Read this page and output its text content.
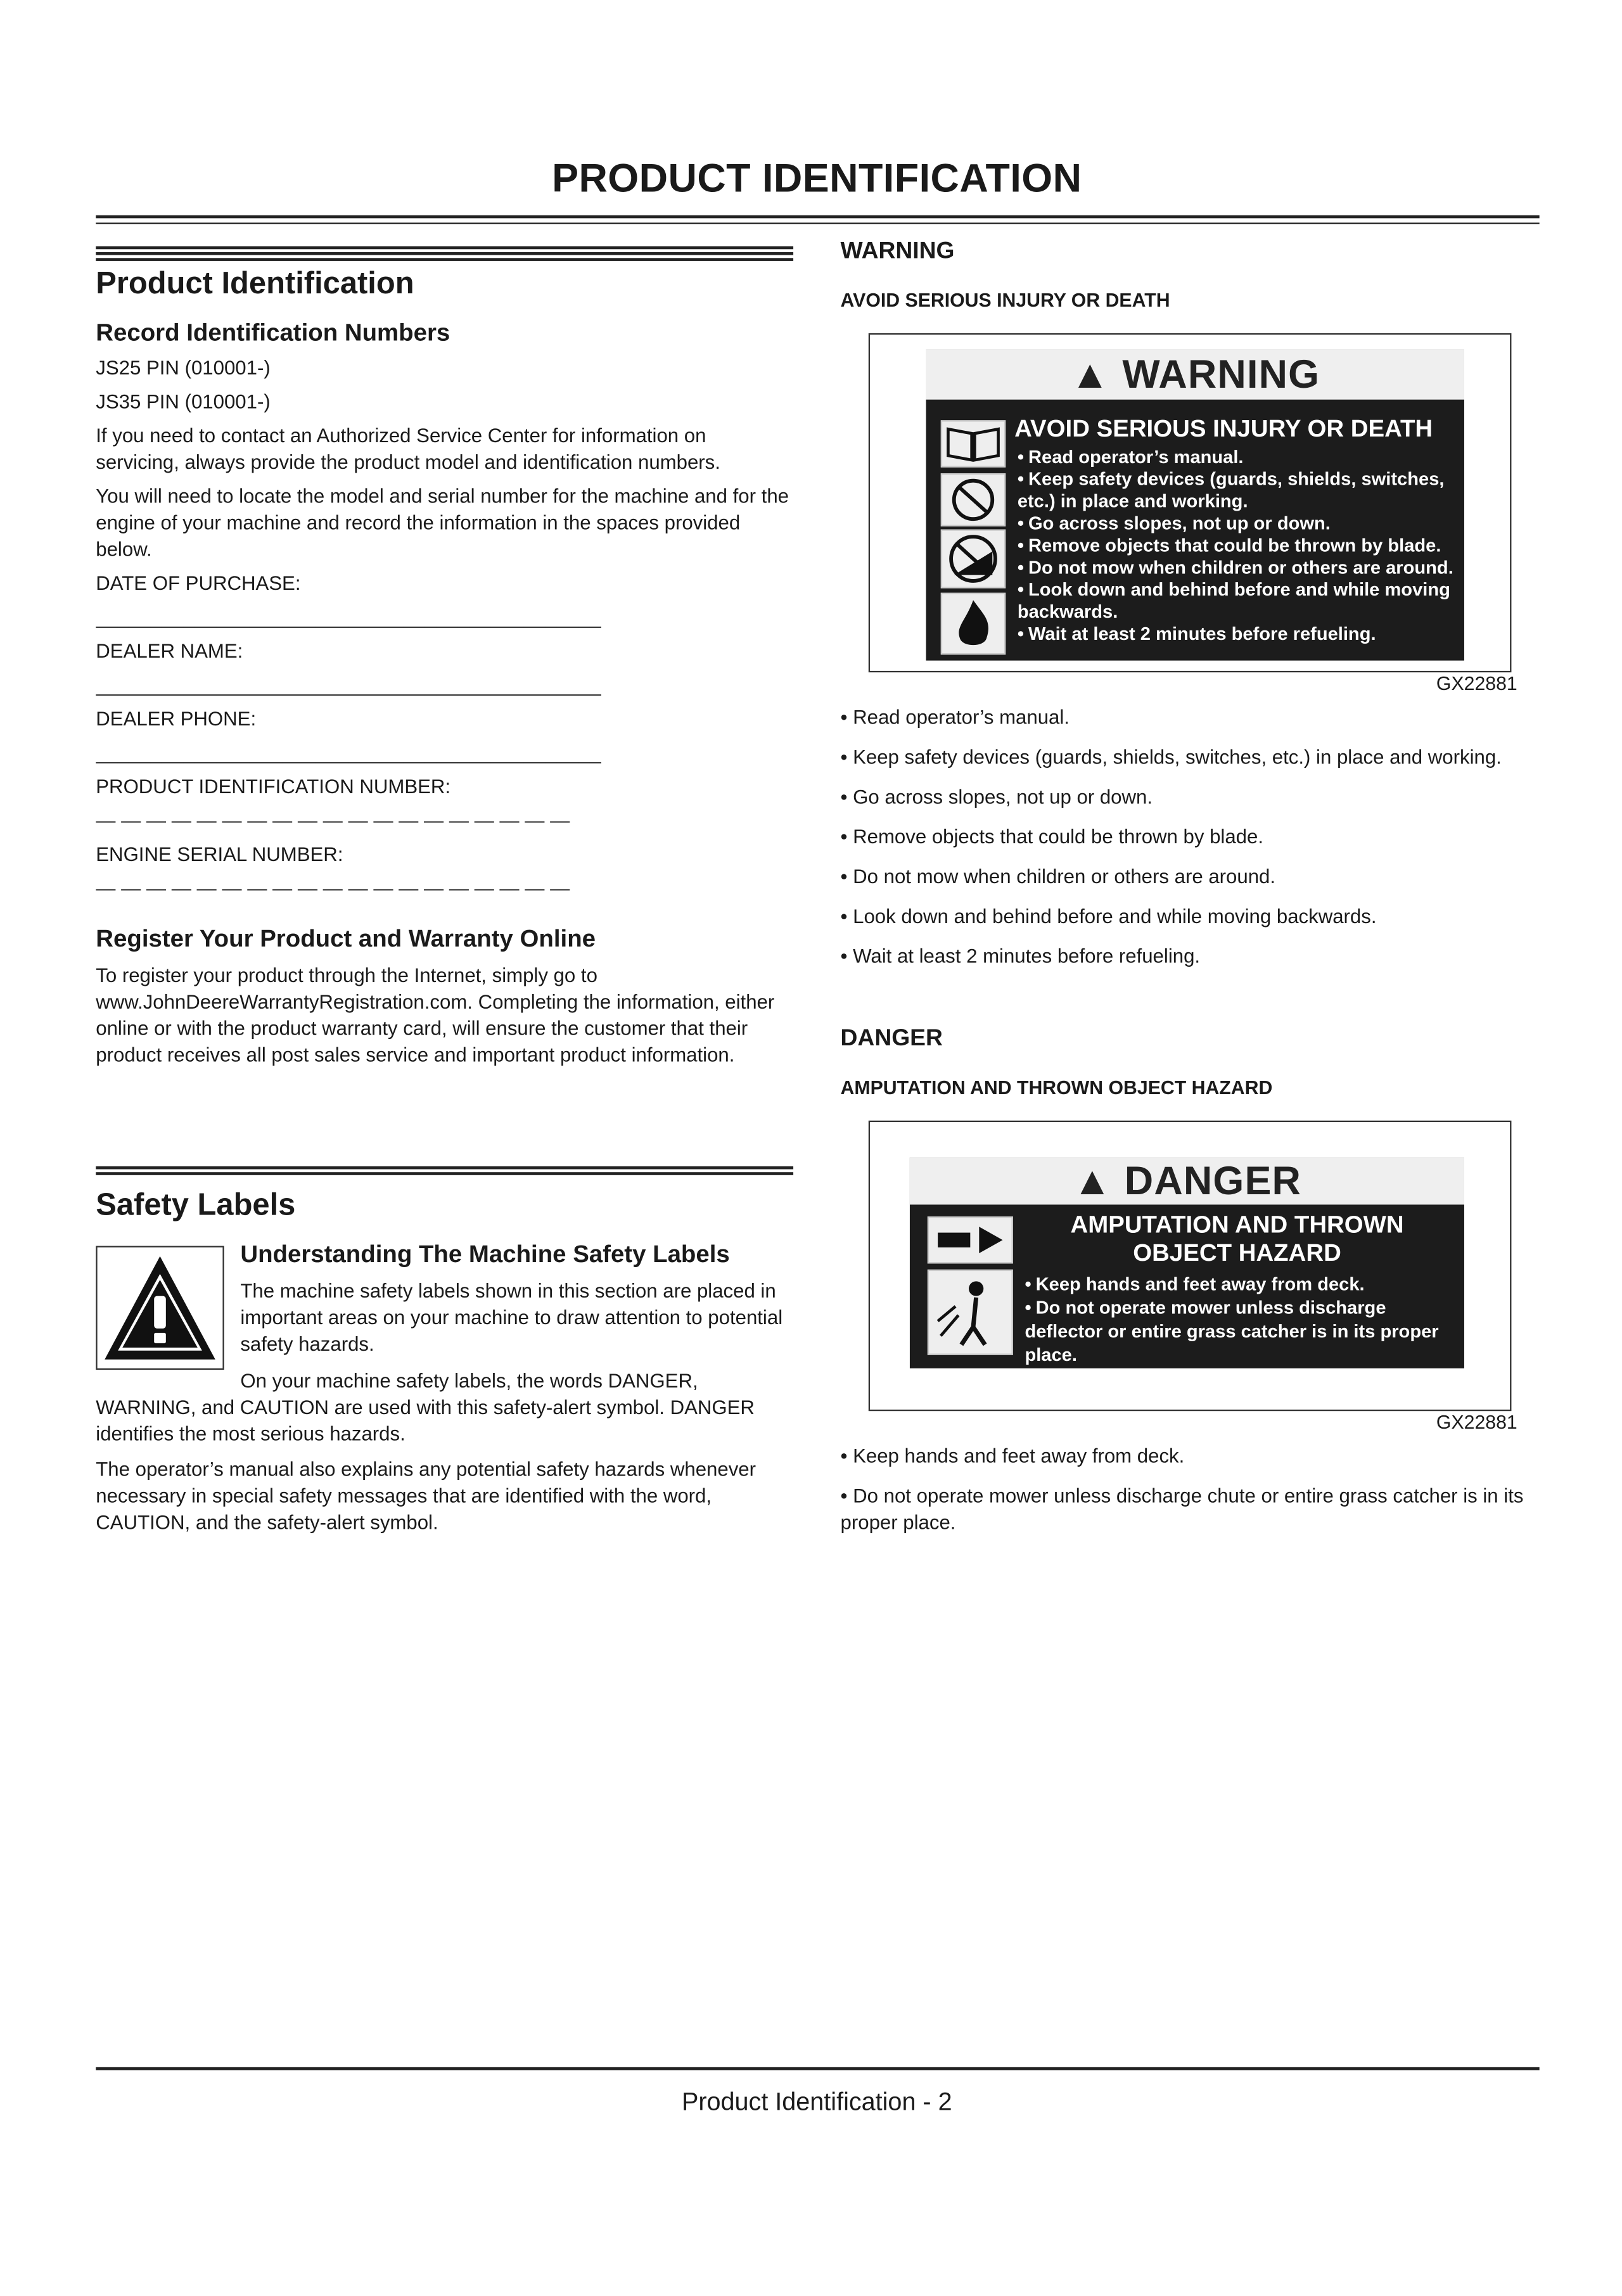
PRODUCT IDENTIFICATION
Product Identification
Record Identification Numbers

JS25 PIN (010001-)

JS35 PIN (010001-)

If you need to contact an Authorized Service Center for information on servicing, always provide the product model and identification numbers.

You will need to locate the model and serial number for the machine and for the engine of your machine and record the information in the spaces provided below.

DATE OF PURCHASE:

______________________________________________

DEALER NAME:

______________________________________________

DEALER PHONE:

______________________________________________

PRODUCT IDENTIFICATION NUMBER:

— — — — — — — — — — — — — — — — — — —

ENGINE SERIAL NUMBER:

— — — — — — — — — — — — — — — — — — —

Register Your Product and Warranty Online

To register your product through the Internet, simply go to www.JohnDeereWarrantyRegistration.com. Completing the information, either online or with the product warranty card, will ensure the customer that their product receives all post sales service and important product information.

Safety Labels
Understanding The Machine Safety Labels

The machine safety labels shown in this section are placed in important areas on your machine to draw attention to potential safety hazards.

On your machine safety labels, the words DANGER, WARNING, and CAUTION are used with this safety-alert symbol. DANGER identifies the most serious hazards.

The operator’s manual also explains any potential safety hazards whenever necessary in special safety messages that are identified with the word, CAUTION, and the safety-alert symbol.

WARNING
AVOID SERIOUS INJURY OR DEATH
▲ WARNING
AVOID SERIOUS INJURY OR DEATH
• Read operator’s manual.
• Keep safety devices (guards, shields, switches, etc.) in place and working.
• Go across slopes, not up or down.
• Remove objects that could be thrown by blade.
• Do not mow when children or others are around.
• Look down and behind before and while moving backwards.
• Wait at least 2 minutes before refueling.
GX22881

• Read operator’s manual.

• Keep safety devices (guards, shields, switches, etc.) in place and working.

• Go across slopes, not up or down.

• Remove objects that could be thrown by blade.

• Do not mow when children or others are around.

• Look down and behind before and while moving backwards.

• Wait at least 2 minutes before refueling.

DANGER
AMPUTATION AND THROWN OBJECT HAZARD
▲ DANGER
AMPUTATION AND THROWN
OBJECT HAZARD
• Keep hands and feet away from deck.
• Do not operate mower unless discharge deflector or entire grass catcher is in its proper place.
GX22881

• Keep hands and feet away from deck.

• Do not operate mower unless discharge chute or entire grass catcher is in its proper place.

Product Identification - 2
